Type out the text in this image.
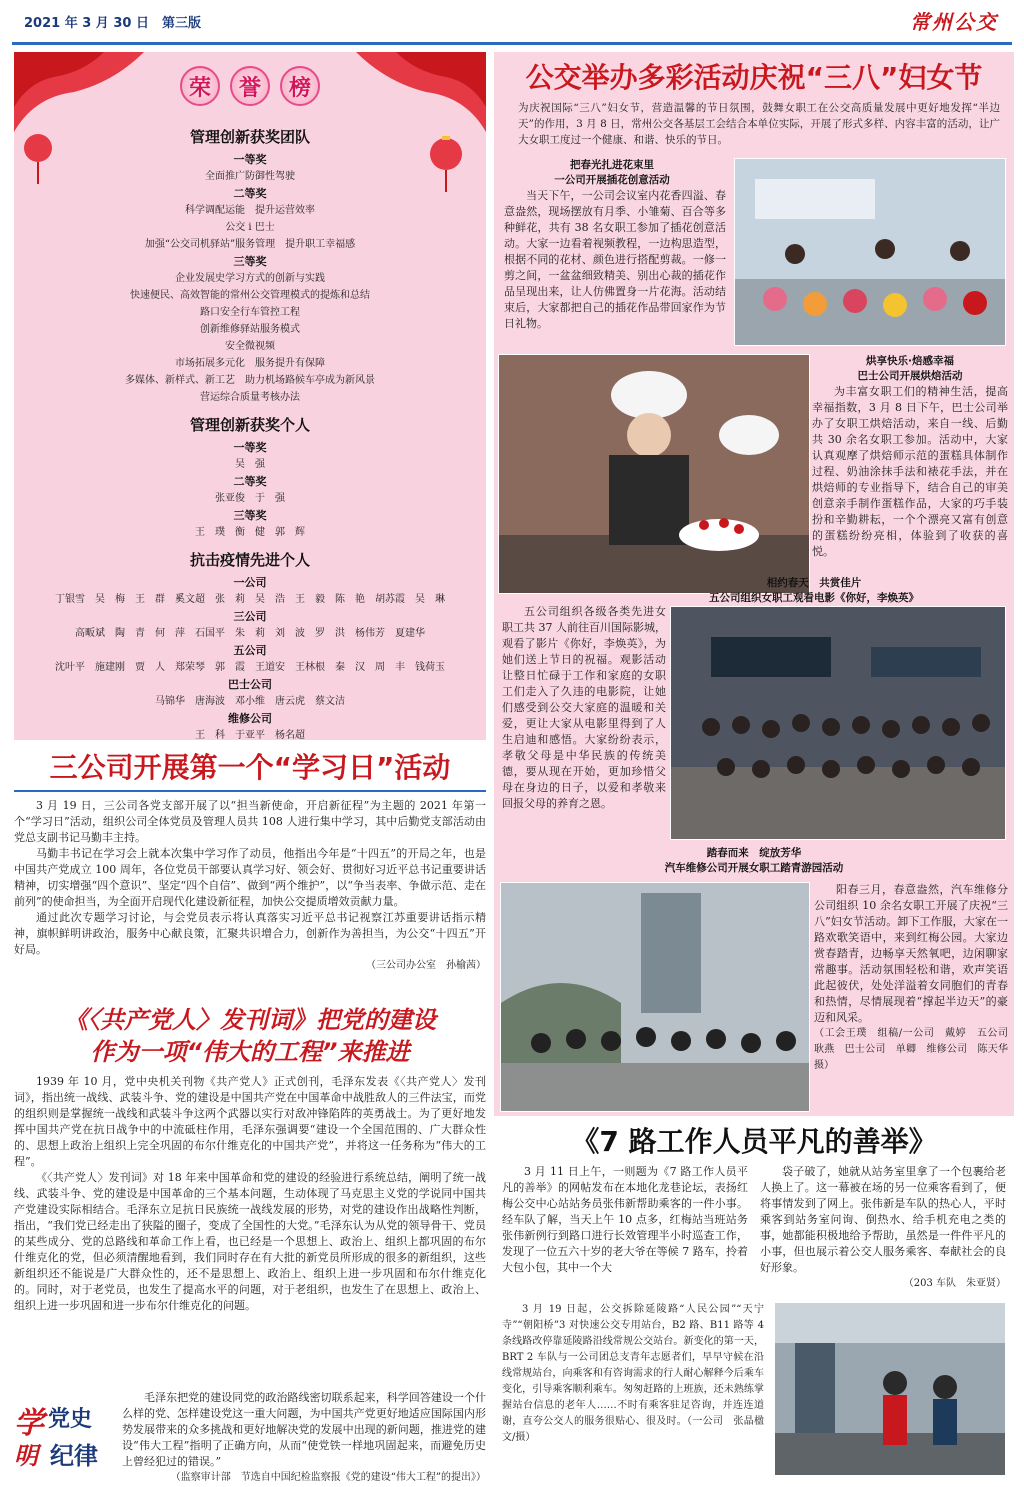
2021 年 3 月 30 日　第三版	常州公交
荣	誉	榜
管理创新获奖团队
一等奖
全面推广防御性驾驶
二等奖
科学调配运能　提升运营效率
公交 i 巴士
加强“公交司机驿站”服务管理　提升职工幸福感
三等奖
企业发展史学习方式的创新与实践
快速便民、高效智能的常州公交管理模式的提炼和总结
路口安全行车管控工程
创新维修驿站服务模式
安全微视频
市场拓展多元化　服务提升有保障
多媒体、新样式、新工艺　助力机场路候车亭成为新风景
营运综合质量考核办法
管理创新获奖个人
一等奖
吴　强
二等奖
张亚俊　于　强
三等奖
王　璞　衡　健　郭　辉
抗击疫情先进个人
一公司
丁银雪　吴　梅　王　群　奚文超　张　莉　吴　浩　王　毅　陈　艳　胡苏霞　吴　琳
三公司
高畈斌　陶　青　何　萍　石国平　朱　莉　刘　波　罗　洪　杨伟芳　夏建华
五公司
沈叶平　施建刚　贾　人　郑荣琴　郭　霞　王道安　王林根　秦　汉　周　丰　钱荷玉
巴士公司
马锦华　唐海波　邓小维　唐云虎　蔡文洁
维修公司
王　科　于亚平　杨名超
三公司开展第一个“学习日”活动

3 月 19 日，三公司各党支部开展了以“担当新使命，开启新征程”为主题的 2021 年第一个“学习日”活动，组织公司全体党员及管理人员共 108 人进行集中学习，其中后勤党支部活动由党总支副书记马勤丰主持。

马勤丰书记在学习会上就本次集中学习作了动员，他指出今年是“十四五”的开局之年，也是中国共产党成立 100 周年，各位党员干部要认真学习好、领会好、贯彻好习近平总书记重要讲话精神，切实增强“四个意识”、坚定“四个自信”、做到“两个维护”，以“争当表率、争做示范、走在前列”的使命担当，为全面开启现代化建设新征程，加快公交提质增效贡献力量。

通过此次专题学习讨论，与会党员表示将认真落实习近平总书记视察江苏重要讲话指示精神，旗帜鲜明讲政治，服务中心献良策，汇聚共识增合力，创新作为善担当，为公交“十四五”开好局。

（三公司办公室　孙榆茜）
《〈共产党人〉发刊词》把党的建设
作为一项“伟大的工程”来推进

1939 年 10 月，党中央机关刊物《共产党人》正式创刊，毛泽东发表《〈共产党人〉发刊词》，指出统一战线、武装斗争、党的建设是中国共产党在中国革命中战胜敌人的三件法宝，而党的组织则是掌握统一战线和武装斗争这两个武器以实行对敌冲锋陷阵的英勇战士。为了更好地发挥中国共产党在抗日战争中的中流砥柱作用，毛泽东强调要“建设一个全国范围的、广大群众性的、思想上政治上组织上完全巩固的布尔什维克化的中国共产党”，并将这一任务称为“伟大的工程”。

《〈共产党人〉发刊词》对 18 年来中国革命和党的建设的经验进行系统总结，阐明了统一战线、武装斗争、党的建设是中国革命的三个基本问题，生动体现了马克思主义党的学说同中国共产党建设实际相结合。毛泽东立足抗日民族统一战线发展的形势，对党的建设作出战略性判断，指出，“我们党已经走出了狭隘的圈子，变成了全国性的大党。”毛泽东认为从党的领导骨干、党员的某些成分、党的总路线和革命工作上看，也已经是一个思想上、政治上、组织上都巩固的布尔什维克化的党，但必须清醒地看到，我们同时存在有大批的新党员所形成的很多的新组织，这些新组织还不能说是广大群众性的，还不是思想上、政治上、组织上进一步巩固和布尔什维克化的。同时，对于老党员，也发生了提高水平的问题，对于老组织，也发生了在思想上、政治上、组织上进一步巩固和进一步布尔什维克化的问题。

学 党史
明 纪律

毛泽东把党的建设同党的政治路线密切联系起来，科学回答建设一个什么样的党、怎样建设党这一重大问题，为中国共产党更好地适应国际国内形势发展带来的众多挑战和更好地解决党的发展中出现的新问题，推进党的建设“伟大工程”指明了正确方向，从而“使党铁一样地巩固起来，而避免历史上曾经犯过的错误。”

（监察审计部　节选自中国纪检监察报《党的建设“伟大工程”的提出》）
公交举办多彩活动庆祝“三八”妇女节
为庆祝国际“三八”妇女节，营造温馨的节日氛围，鼓舞女职工在公交高质量发展中更好地发挥“半边天”的作用，3 月 8 日，常州公交各基层工会结合本单位实际，开展了形式多样、内容丰富的活动，让广大女职工度过一个健康、和谐、快乐的节日。
把春光扎进花束里
一公司开展插花创意活动

当天下午，一公司会议室内花香四溢、春意盎然，现场摆放有月季、小雏菊、百合等多种鲜花，共有 38 名女职工参加了插花创意活动。大家一边看着视频教程，一边构思造型，根据不同的花材、颜色进行搭配剪裁。一修一剪之间，一盆盆细致精美、别出心裁的插花作品呈现出来，让人仿佛置身一片花海。活动结束后，大家都把自己的插花作品带回家作为节日礼物。

烘享快乐·焙感幸福
巴士公司开展烘焙活动

为丰富女职工们的精神生活，提高幸福指数，3 月 8 日下午，巴士公司举办了女职工烘焙活动，来自一线、后勤共 30 余名女职工参加。活动中，大家认真观摩了烘焙师示范的蛋糕具体制作过程、奶油涂抹手法和裱花手法，并在烘焙师的专业指导下，结合自己的审美创意亲手制作蛋糕作品，大家的巧手装扮和辛勤耕耘，一个个漂亮又富有创意的蛋糕纷纷亮相，体验到了收获的喜悦。

相约春天　共赏佳片
五公司组织女职工观看电影《你好，李焕英》

五公司组织各级各类先进女职工共 37 人前往百川国际影城，观看了影片《你好，李焕英》，为她们送上节日的祝福。观影活动让整日忙碌于工作和家庭的女职工们走入了久违的电影院，让她们感受到公交大家庭的温暖和关爱，更让大家从电影里得到了人生启迪和感悟。大家纷纷表示，孝敬父母是中华民族的传统美德，要从现在开始，更加珍惜父母在身边的日子，以爱和孝敬来回报父母的养育之恩。

踏春而来　绽放芳华
汽车维修公司开展女职工踏青游园活动

阳春三月，春意盎然，汽车维修分公司组织 10 余名女职工开展了庆祝“三八”妇女节活动。卸下工作服，大家在一路欢歌笑语中，来到红梅公园。大家边赏春踏青，边畅享天然氧吧，边闲聊家常趣事。活动氛围轻松和谐，欢声笑语此起彼伏，处处洋溢着女同胞们的青春和热情，尽情展现着“撑起半边天”的豪迈和风采。

（工会王璞　组稿/一公司　戴婷　五公司　耿燕　巴士公司　单卿　维修公司　陈天华摄）
《7 路工作人员平凡的善举》

3 月 11 日上午，一则题为《7 路工作人员平凡的善举》的网帖发布在本地化龙巷论坛，表扬红梅公交中心站站务员张伟新帮助乘客的一件小事。经车队了解，当天上午 10 点多，红梅站当班站务张伟新例行到路口进行长效管理半小时巡查工作，发现了一位五六十岁的老大爷在等候 7 路车，拎着大包小包，其中一个大

袋子破了，她就从站务室里拿了一个包裹给老人换上了。这一幕被在场的另一位乘客看到了，便将事情发到了网上。张伟新是车队的热心人，平时乘客到站务室问询、倒热水、给手机充电之类的事，她都能积极地给予帮助，虽然是一件件平凡的小事，但也展示着公交人服务乘客、奉献社会的良好形象。

（203 车队　朱亚贤）

3 月 19 日起，公交拆除延陵路“人民公园”“天宁寺”“朝阳桥”3 对快速公交专用站台，B2 路、B11 路等 4 条线路改停靠延陵路沿线常规公交站台。新变化的第一天，BRT 2 车队与一公司团总支青年志愿者们，早早守候在沿线常规站台，向乘客和有咨询需求的行人耐心解释今后乘车变化，引导乘客顺利乘车。匆匆赶路的上班族，还未熟练掌握站台信息的老年人……不时有乘客驻足咨询，并连连道谢，直夸公交人的服务很贴心、很及时。（一公司　张晶楹文/摄）
